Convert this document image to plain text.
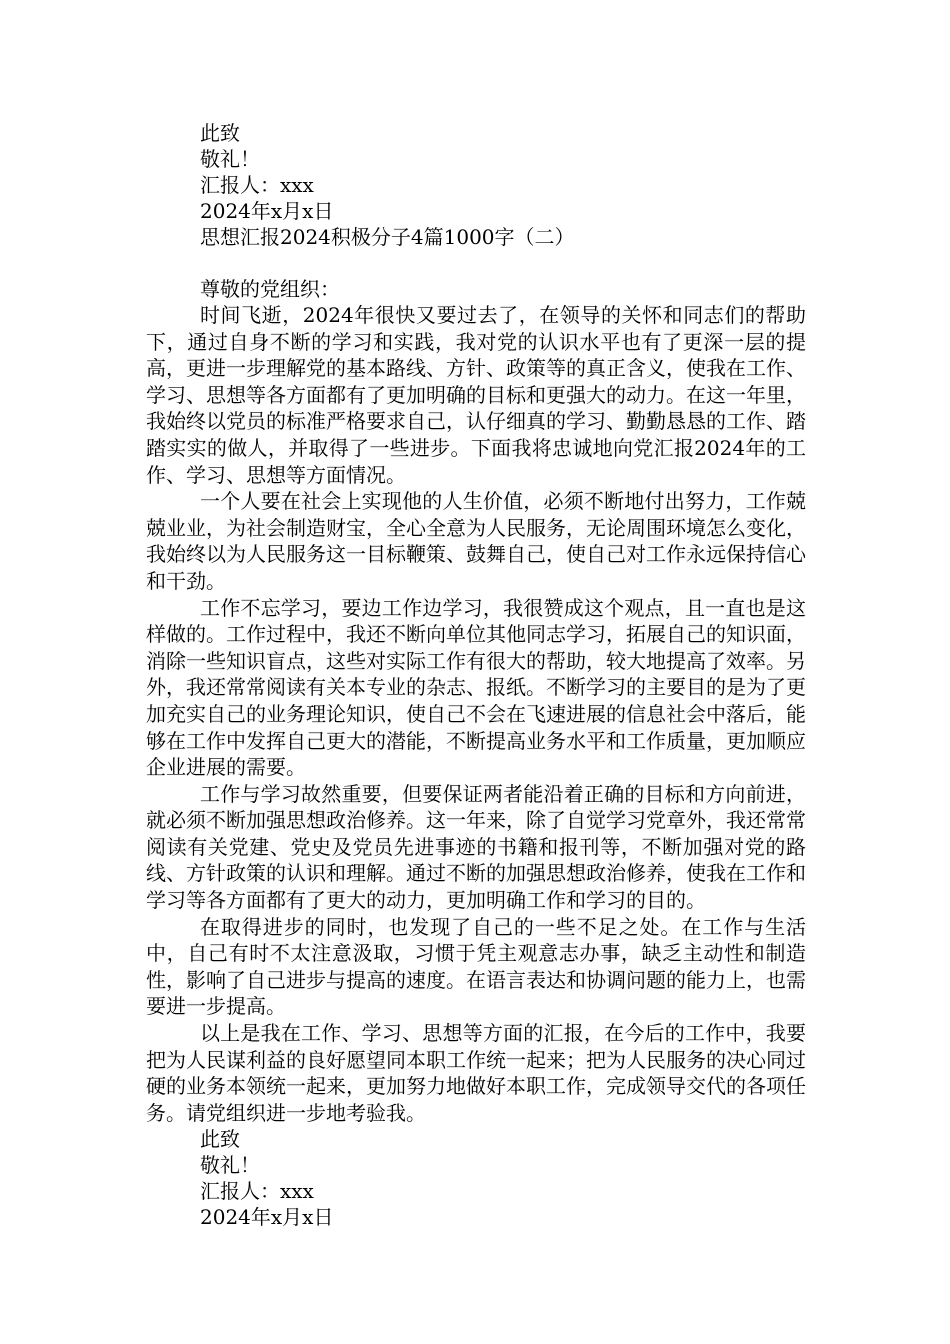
此致
敬礼！
汇报人：xxx
2024年x月x日
思想汇报2024积极分子4篇1000字（二）
尊敬的党组织：

时间飞逝，2024年很快又要过去了，在领导的关怀和同志们的帮助下，通过自身不断的学习和实践，我对党的认识水平也有了更深一层的提高，更进一步理解党的基本路线、方针、政策等的真正含义，使我在工作、学习、思想等各方面都有了更加明确的目标和更强大的动力。在这一年里，我始终以党员的标准严格要求自己，认仔细真的学习、勤勤恳恳的工作、踏踏实实的做人，并取得了一些进步。下面我将忠诚地向党汇报2024年的工作、学习、思想等方面情况。

一个人要在社会上实现他的人生价值，必须不断地付出努力，工作兢兢业业，为社会制造财宝，全心全意为人民服务，无论周围环境怎么变化，我始终以为人民服务这一目标鞭策、鼓舞自己，使自己对工作永远保持信心和干劲。

工作不忘学习，要边工作边学习，我很赞成这个观点，且一直也是这样做的。工作过程中，我还不断向单位其他同志学习，拓展自己的知识面，消除一些知识盲点，这些对实际工作有很大的帮助，较大地提高了效率。另外，我还常常阅读有关本专业的杂志、报纸。不断学习的主要目的是为了更加充实自己的业务理论知识，使自己不会在飞速进展的信息社会中落后，能够在工作中发挥自己更大的潜能，不断提高业务水平和工作质量，更加顺应企业进展的需要。

工作与学习故然重要，但要保证两者能沿着正确的目标和方向前进，就必须不断加强思想政治修养。这一年来，除了自觉学习党章外，我还常常阅读有关党建、党史及党员先进事迹的书籍和报刊等，不断加强对党的路线、方针政策的认识和理解。通过不断的加强思想政治修养，使我在工作和学习等各方面都有了更大的动力，更加明确工作和学习的目的。

在取得进步的同时，也发现了自己的一些不足之处。在工作与生活中，自己有时不太注意汲取，习惯于凭主观意志办事，缺乏主动性和制造性，影响了自己进步与提高的速度。在语言表达和协调问题的能力上，也需要进一步提高。

以上是我在工作、学习、思想等方面的汇报，在今后的工作中，我要把为人民谋利益的良好愿望同本职工作统一起来；把为人民服务的决心同过硬的业务本领统一起来，更加努力地做好本职工作，完成领导交代的各项任务。请党组织进一步地考验我。

此致
敬礼！
汇报人：xxx
2024年x月x日
